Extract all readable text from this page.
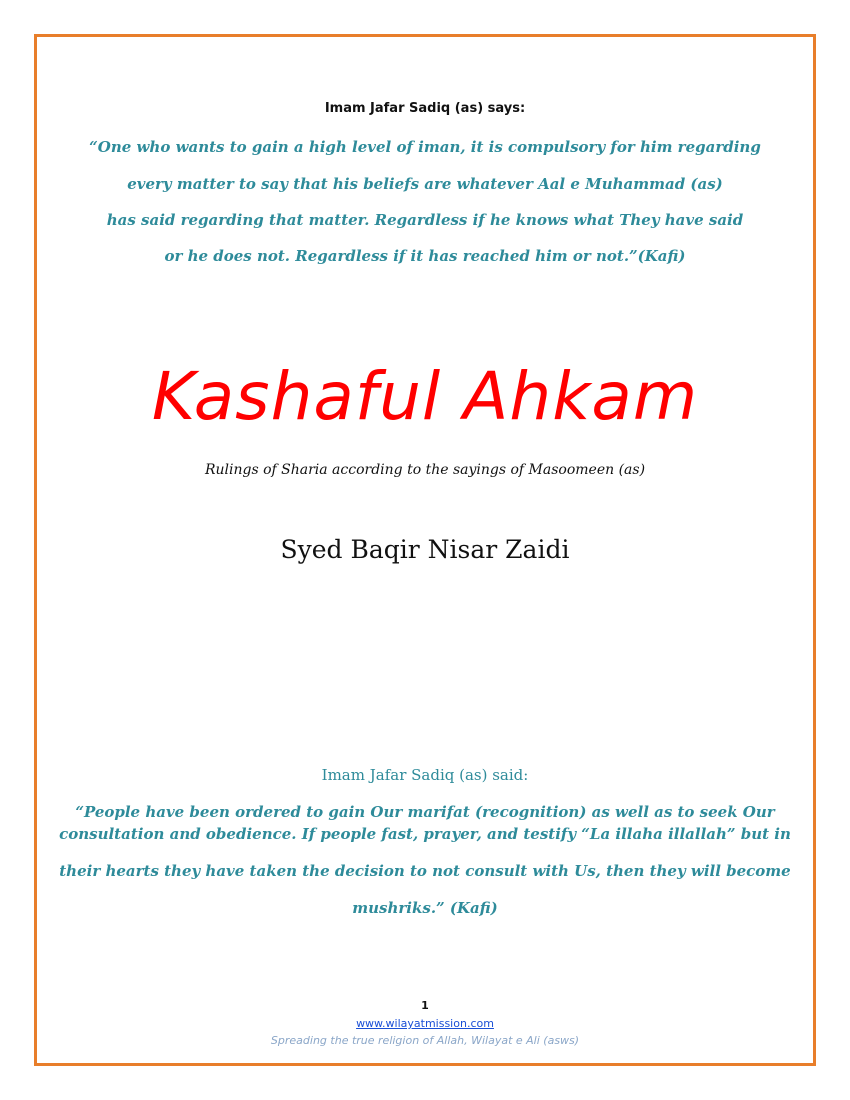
Imam Jafar Sadiq (as) says:
“One who wants to gain a high level of iman, it is compulsory for him regarding
every matter to say that his beliefs are whatever Aal e Muhammad (as)
has said regarding that matter. Regardless if he knows what They have said
or he does not. Regardless if it has reached him or not.”(Kafi)
Kashaful Ahkam
Rulings of Sharia according to the sayings of Masoomeen (as)
Syed Baqir Nisar Zaidi
Imam Jafar Sadiq (as) said:
“People have been ordered to gain Our marifat (recognition) as well as to seek Our
consultation and obedience. If people fast, prayer, and testify “La illaha illallah” but in
their hearts they have taken the decision to not consult with Us, then they will become
mushriks.” (Kafi)
1
www.wilayatmission.com
Spreading the true religion of Allah, Wilayat e Ali (asws)
